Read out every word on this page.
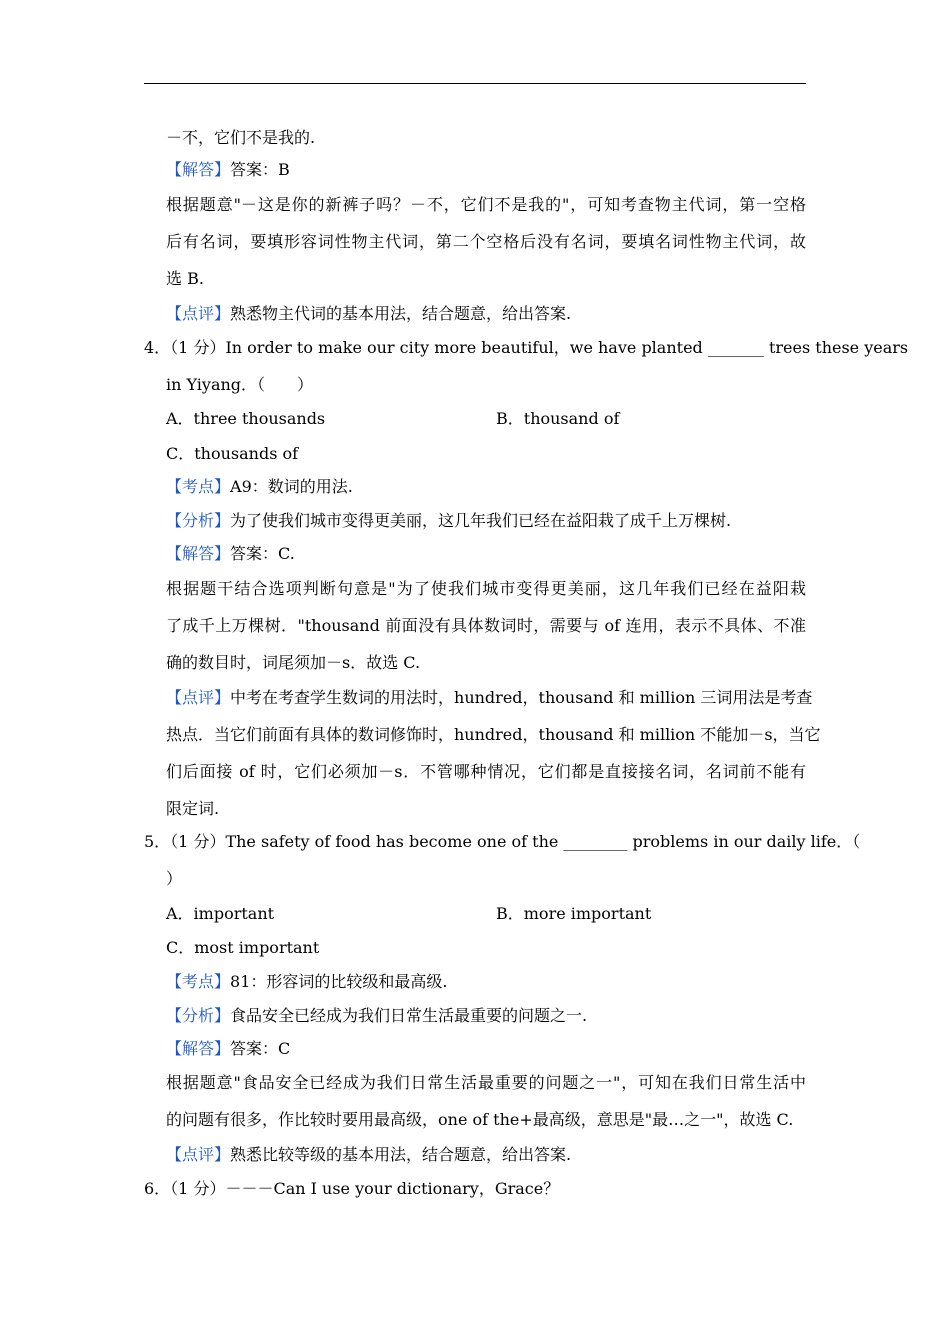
－不，它们不是我的.
【解答】答案：B
根据题意"－这是你的新裤子吗？－不，它们不是我的"，可知考查物主代词，第一空格
后有名词，要填形容词性物主代词，第二个空格后没有名词，要填名词性物主代词，故
选 B.
【点评】熟悉物主代词的基本用法，结合题意，给出答案.
4．（1 分）In order to make our city more beautiful，we have planted _______ trees these years
in Yiyang．（　　）
A．three thousands	B．thousand of
C．thousands of
【考点】A9：数词的用法.
【分析】为了使我们城市变得更美丽，这几年我们已经在益阳栽了成千上万棵树.
【解答】答案：C.
根据题干结合选项判断句意是"为了使我们城市变得更美丽，这几年我们已经在益阳栽
了成千上万棵树．"thousand 前面没有具体数词时，需要与 of 连用，表示不具体、不准
确的数目时，词尾须加－s．故选 C.
【点评】中考在考查学生数词的用法时，hundred，thousand 和 million 三词用法是考查
热点．当它们前面有具体的数词修饰时，hundred，thousand 和 million 不能加－s，当它
们后面接 of 时，它们必须加－s．不管哪种情况，它们都是直接接名词，名词前不能有
限定词.
5．（1 分）The safety of food has become one of the ________ problems in our daily life．（
）
A．important	B．more important
C．most important
【考点】81：形容词的比较级和最高级.
【分析】食品安全已经成为我们日常生活最重要的问题之一.
【解答】答案：C
根据题意"食品安全已经成为我们日常生活最重要的问题之一"，可知在我们日常生活中
的问题有很多，作比较时要用最高级，one of the+最高级，意思是"最…之一"，故选 C.
【点评】熟悉比较等级的基本用法，结合题意，给出答案.
6．（1 分）－－－Can I use your dictionary，Grace？
